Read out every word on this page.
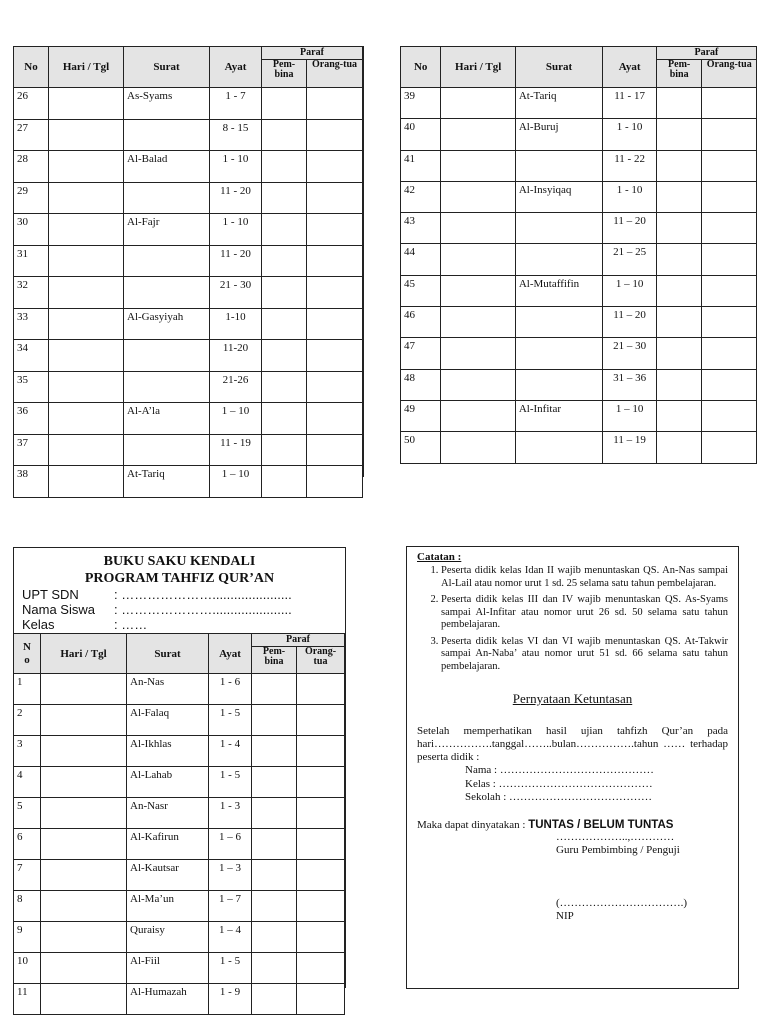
No	Hari / Tgl	Surat	Ayat	Paraf	
				Pem-bina	Orang-tua
26		As-Syams	1 - 7		
27			8 - 15		
28		Al-Balad	1 - 10		
29			11 - 20		
30		Al-Fajr	1 - 10		
31			11 - 20		
32			21 - 30		
33		Al-Gasyiyah	1-10		
34			11-20		
35			21-26		
36		Al-A’la	1 – 10		
37			11 - 19		
38		At-Tariq	1 – 10		
No	Hari / Tgl	Surat	Ayat	Paraf	
				Pem-bina	Orang-tua
39		At-Tariq	11 - 17		
40		Al-Buruj	1 - 10		
41			11 - 22		
42		Al-Insyiqaq	1 - 10		
43			11 – 20		
44			21 – 25		
45		Al-Mutaffifin	1 – 10		
46			11 – 20		
47			21 – 30		
48			31 – 36		
49		Al-Infitar	1 – 10		
50			11 – 19		
BUKU SAKU KENDALI
PROGRAM TAHFIZ QUR’AN
UPT SDN	: …………………......................
Nama Siswa	: …………………......................
Kelas	: ……
N
o	Hari / Tgl	Surat	Ayat	Paraf	
				Pem-bina	Orang-tua
1		An-Nas	1 - 6		
2		Al-Falaq	1 - 5		
3		Al-Ikhlas	1 - 4		
4		Al-Lahab	1 - 5		
5		An-Nasr	1 - 3		
6		Al-Kafirun	1 – 6		
7		Al-Kautsar	1 – 3		
8		Al-Ma’un	1 – 7		
9		Quraisy	1 – 4		
10		Al-Fiil	1 - 5		
11		Al-Humazah	1 - 9		
Catatan :
1. Peserta didik kelas Idan II wajib menuntaskan QS. An-Nas sampai Al-Lail atau nomor urut 1 sd. 25 selama satu tahun pembelajaran.
2. Peserta didik kelas III dan IV wajib menuntaskan QS. As-Syams sampai Al-Infitar atau nomor urut 26 sd. 50 selama satu tahun pembelajaran.
3. Peserta didik kelas VI dan VI wajib menuntaskan QS. At-Takwir sampai An-Naba’ atau nomor urut 51 sd. 66 selama satu tahun pembelajaran.
Pernyataan Ketuntasan
Setelah memperhatikan hasil ujian tahfizh Qur’an pada hari…………….tanggal……..bulan…………….tahun …… terhadap peserta didik :
Nama : ……………………………………
Kelas : ……………………………………
Sekolah : …………………………………
Maka dapat dinyatakan : TUNTAS / BELUM TUNTAS
………………..,…………
Guru Pembimbing / Penguji
(…………………………….)
NIP
